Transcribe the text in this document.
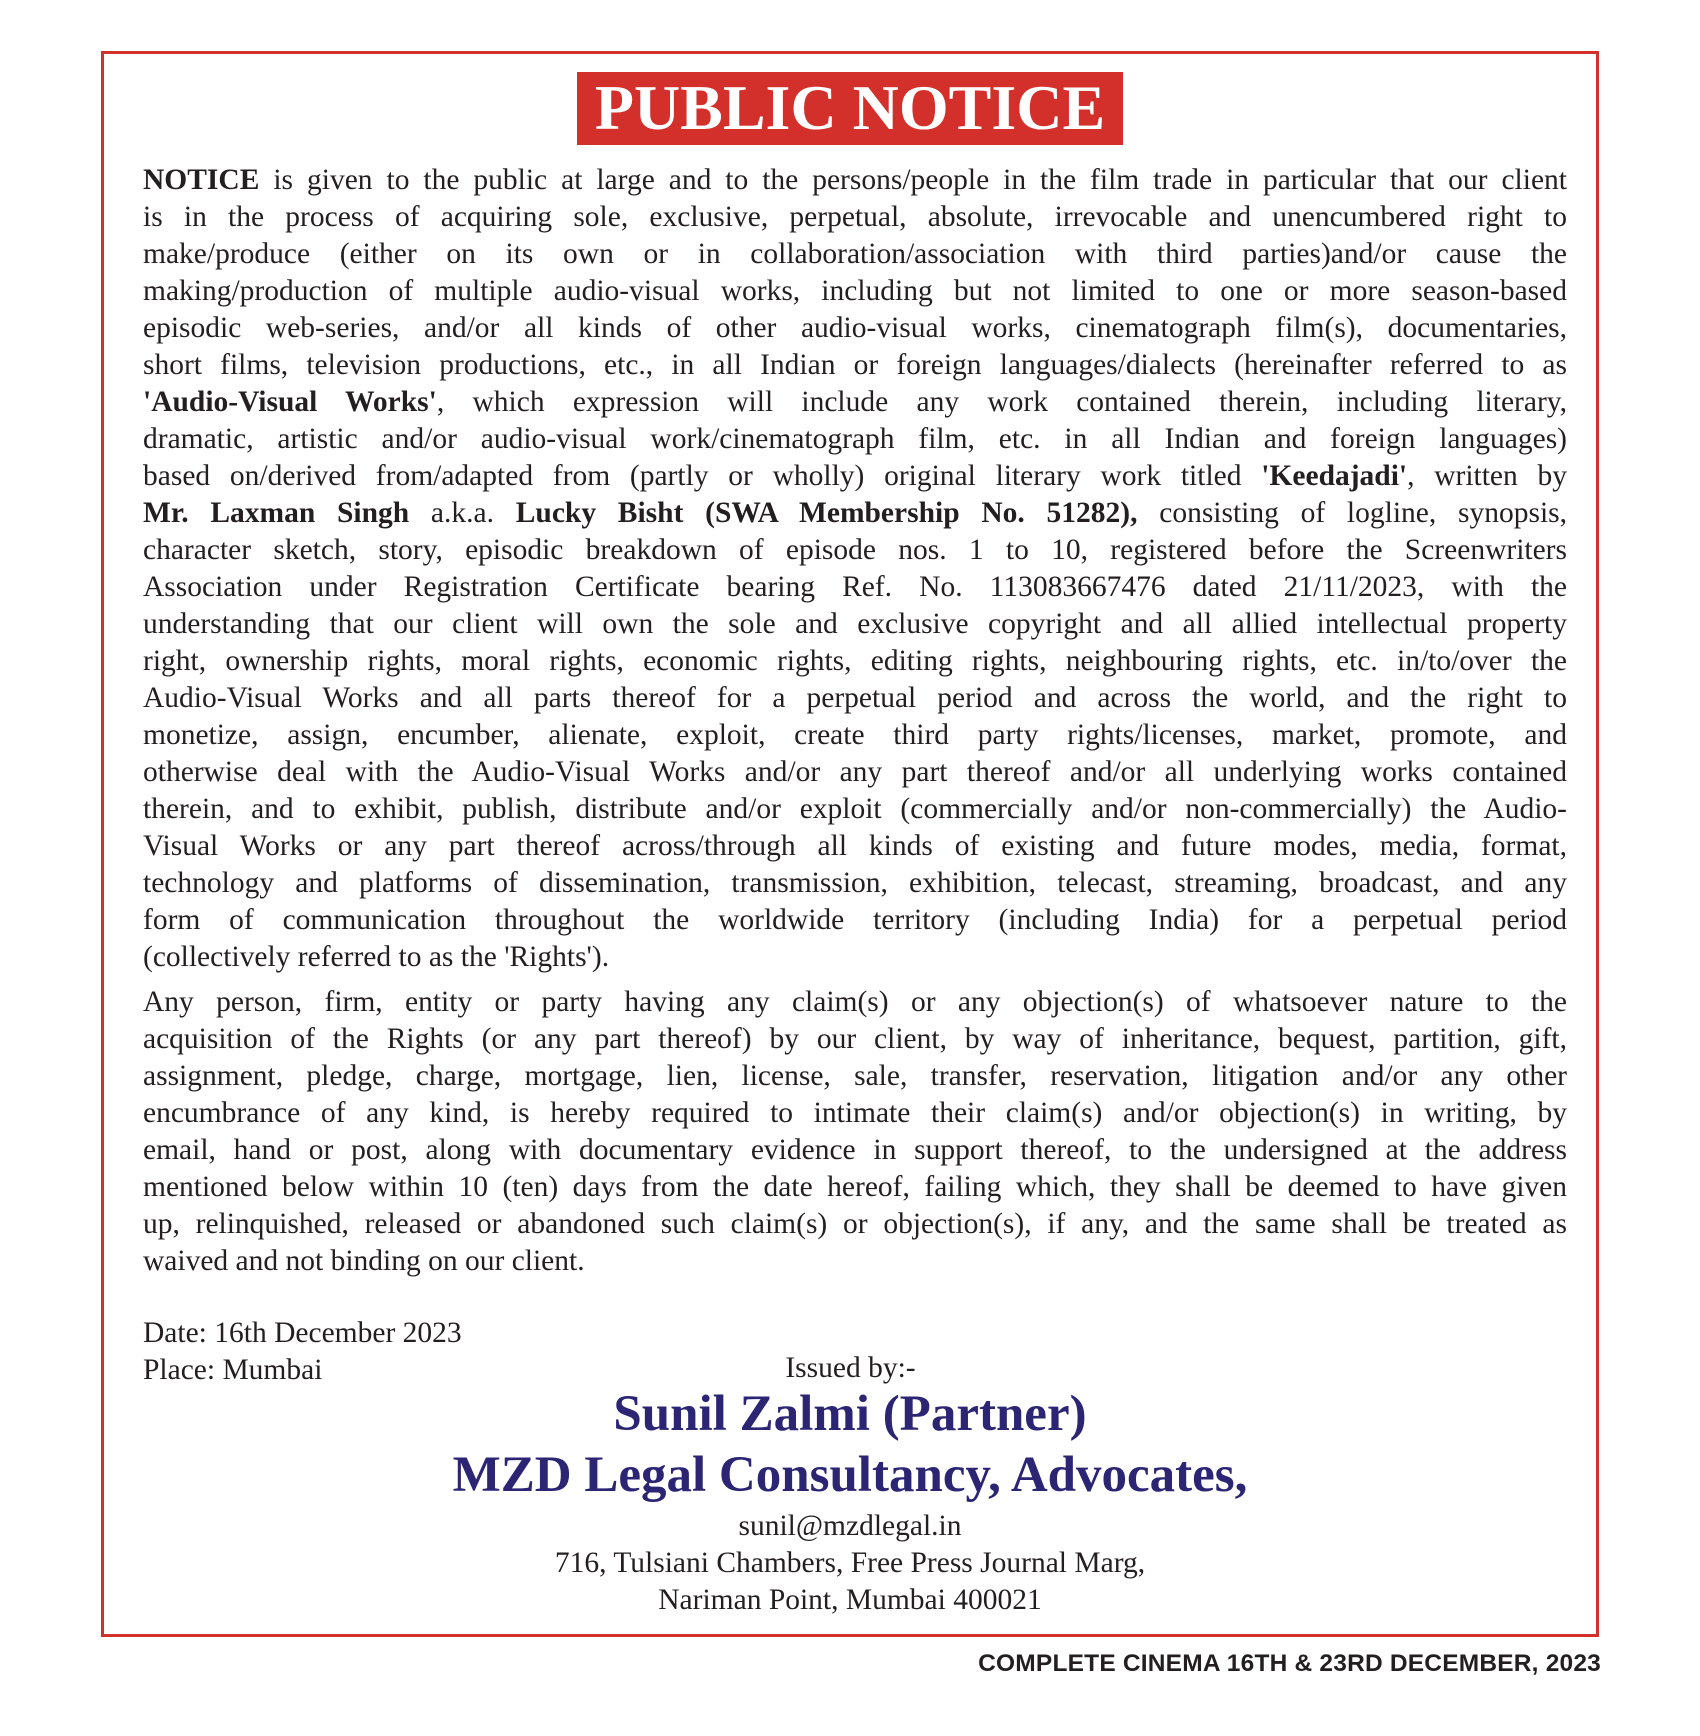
PUBLIC NOTICE

NOTICE is given to the public at large and to the persons/people in the film trade in particular that our client
is in the process of acquiring sole, exclusive, perpetual, absolute, irrevocable and unencumbered right to
make/produce (either on its own or in collaboration/association with third parties)and/or cause the
making/production of multiple audio-visual works, including but not limited to one or more season-based
episodic web-series, and/or all kinds of other audio-visual works, cinematograph film(s), documentaries,
short films, television productions, etc., in all Indian or foreign languages/dialects (hereinafter referred to as
'Audio-Visual Works', which expression will include any work contained therein, including literary,
dramatic, artistic and/or audio-visual work/cinematograph film, etc. in all Indian and foreign languages)
based on/derived from/adapted from (partly or wholly) original literary work titled 'Keedajadi', written by
Mr. Laxman Singh a.k.a. Lucky Bisht (SWA Membership No. 51282), consisting of logline, synopsis,
character sketch, story, episodic breakdown of episode nos. 1 to 10, registered before the Screenwriters
Association under Registration Certificate bearing Ref. No. 113083667476 dated 21/11/2023, with the
understanding that our client will own the sole and exclusive copyright and all allied intellectual property
right, ownership rights, moral rights, economic rights, editing rights, neighbouring rights, etc. in/to/over the
Audio-Visual Works and all parts thereof for a perpetual period and across the world, and the right to
monetize, assign, encumber, alienate, exploit, create third party rights/licenses, market, promote, and
otherwise deal with the Audio-Visual Works and/or any part thereof and/or all underlying works contained
therein, and to exhibit, publish, distribute and/or exploit (commercially and/or non-commercially) the Audio-
Visual Works or any part thereof across/through all kinds of existing and future modes, media, format,
technology and platforms of dissemination, transmission, exhibition, telecast, streaming, broadcast, and any
form of communication throughout the worldwide territory (including India) for a perpetual period
(collectively referred to as the 'Rights').

Any person, firm, entity or party having any claim(s) or any objection(s) of whatsoever nature to the
acquisition of the Rights (or any part thereof) by our client, by way of inheritance, bequest, partition, gift,
assignment, pledge, charge, mortgage, lien, license, sale, transfer, reservation, litigation and/or any other
encumbrance of any kind, is hereby required to intimate their claim(s) and/or objection(s) in writing, by
email, hand or post, along with documentary evidence in support thereof, to the undersigned at the address
mentioned below within 10 (ten) days from the date hereof, failing which, they shall be deemed to have given
up, relinquished, released or abandoned such claim(s) or objection(s), if any, and the same shall be treated as
waived and not binding on our client.

Date: 16th December 2023
Place: Mumbai	Issued by:-
Sunil Zalmi (Partner)
MZD Legal Consultancy, Advocates,
sunil@mzdlegal.in
716, Tulsiani Chambers, Free Press Journal Marg,
Nariman Point, Mumbai 400021
COMPLETE CINEMA 16TH & 23RD DECEMBER, 2023
